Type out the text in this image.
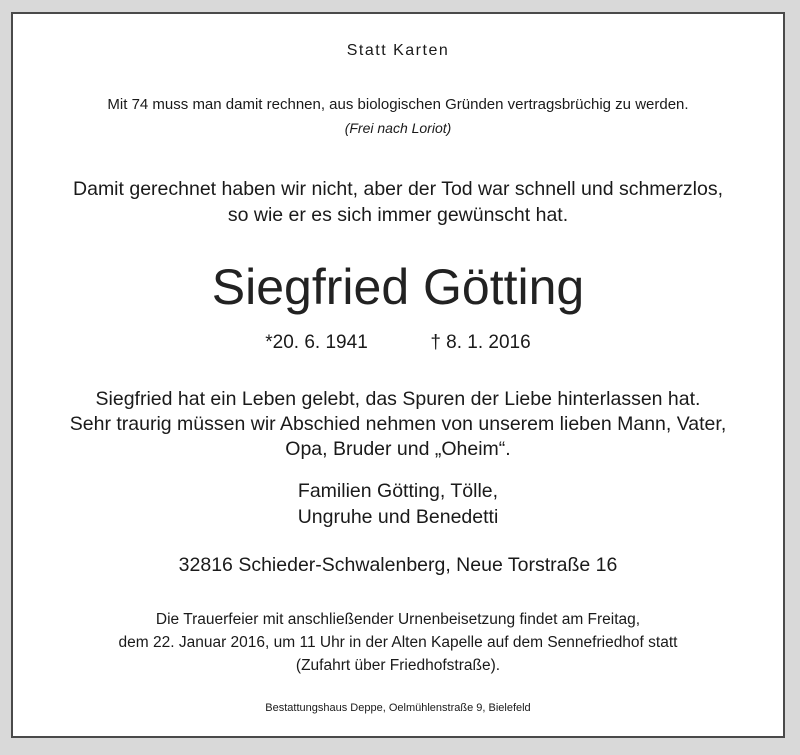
Statt Karten
Mit 74 muss man damit rechnen, aus biologischen Gründen vertragsbrüchig zu werden.
(Frei nach Loriot)
Damit gerechnet haben wir nicht, aber der Tod war schnell und schmerzlos,
so wie er es sich immer gewünscht hat.
Siegfried Götting
*20. 6. 1941	† 8. 1. 2016
Siegfried hat ein Leben gelebt, das Spuren der Liebe hinterlassen hat.
Sehr traurig müssen wir Abschied nehmen von unserem lieben Mann, Vater,
Opa, Bruder und „Oheim“.
Familien Götting, Tölle,
Ungruhe und Benedetti
32816 Schieder-Schwalenberg, Neue Torstraße 16
Die Trauerfeier mit anschließender Urnenbeisetzung findet am Freitag,
dem 22. Januar 2016, um 11 Uhr in der Alten Kapelle auf dem Sennefriedhof statt
(Zufahrt über Friedhofstraße).
Bestattungshaus Deppe, Oelmühlenstraße 9, Bielefeld
